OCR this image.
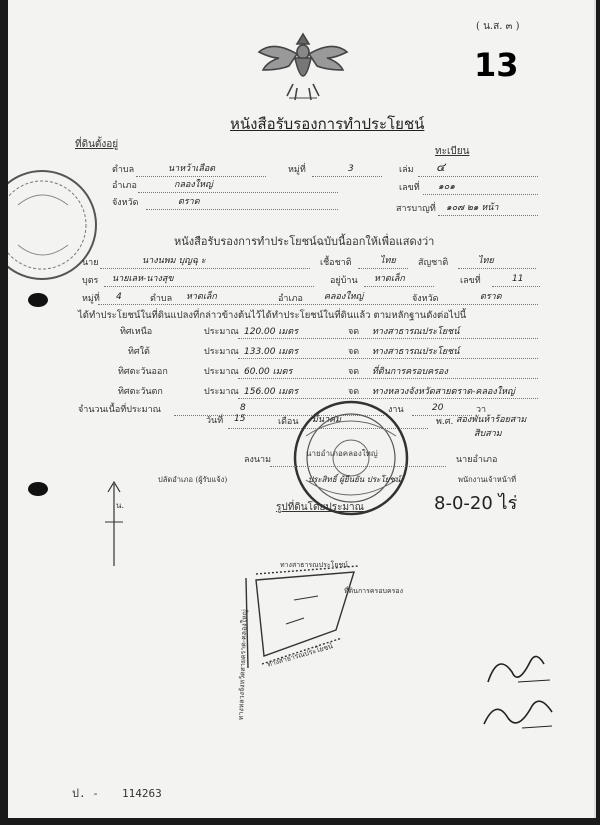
( น.ส. ๓ )
13
หนังสือรับรองการทำประโยชน์
ที่ดินตั้งอยู่
ทะเบียน
ตำบล	นาหว้าเลือด	หมู่ที่	3
อำเภอ	กลองใหญ่
จังหวัด	ตราด
เล่ม ๔
เลขที่ ๑๐๑
สารบาญที่ ๑๐๗ ๒๑ หน้า
หนังสือรับรองการทำประโยชน์ฉบับนี้ออกให้เพื่อแสดงว่า
นาย	นางนพม บุญฉุ ะ	เชื้อชาติ	ไทย สัญชาติ	ไทย
บุตร นายเลห-นางสุข	อยู่บ้าน หาดเล็ก	เลขที่	11
หมู่ที่ 4	ตำบล หาดเล็ก	อำเภอ คลองใหญ่	จังหวัด	ตราด
ได้ทำประโยชน์ในที่ดินแปลงที่กล่าวข้างต้นไว้ได้ทำประโยชน์ในที่ดินแล้ว ตามหลักฐานดังต่อไปนี้
ทิศเหนือ	ประมาณ 120.00 เมตร	จด ทางสาธารณประโยชน์
ทิศใต้	ประมาณ 133.00 เมตร	จด ทางสาธารณประโยชน์
ทิศตะวันออก	ประมาณ 60.00 เมตร	จด ที่ดินการครอบครอง
ทิศตะวันตก	ประมาณ 156.00 เมตร	จด ทางหลวงจังหวัดสายตราด-คลองใหญ่
จำนวนเนื้อที่ประมาณ	8	งาน	20	วา
วันที่ 15	เดือน มีนาคม	พ.ศ. สองพันห้าร้อยสาม
สิบสาม
นายอำเภอคลองใหญ่
ลงนาม	นายอำเภอ
ปลัดอำเภอ (ผู้รับแจ้ง)	ประสิทธิ์ ผู้ยืนยัน ประโยชน์	พนักงานเจ้าหน้าที่
8-0-20 ไร่
รูปที่ดินโดยประมาณ
น.
ทางสาธารณประโยชน์
ที่ดินการครอบครอง
ทางสาธารณประโยชน์
ทางหลวงจังหวัดสายตราด-คลองใหญ่
ป. - 114263
